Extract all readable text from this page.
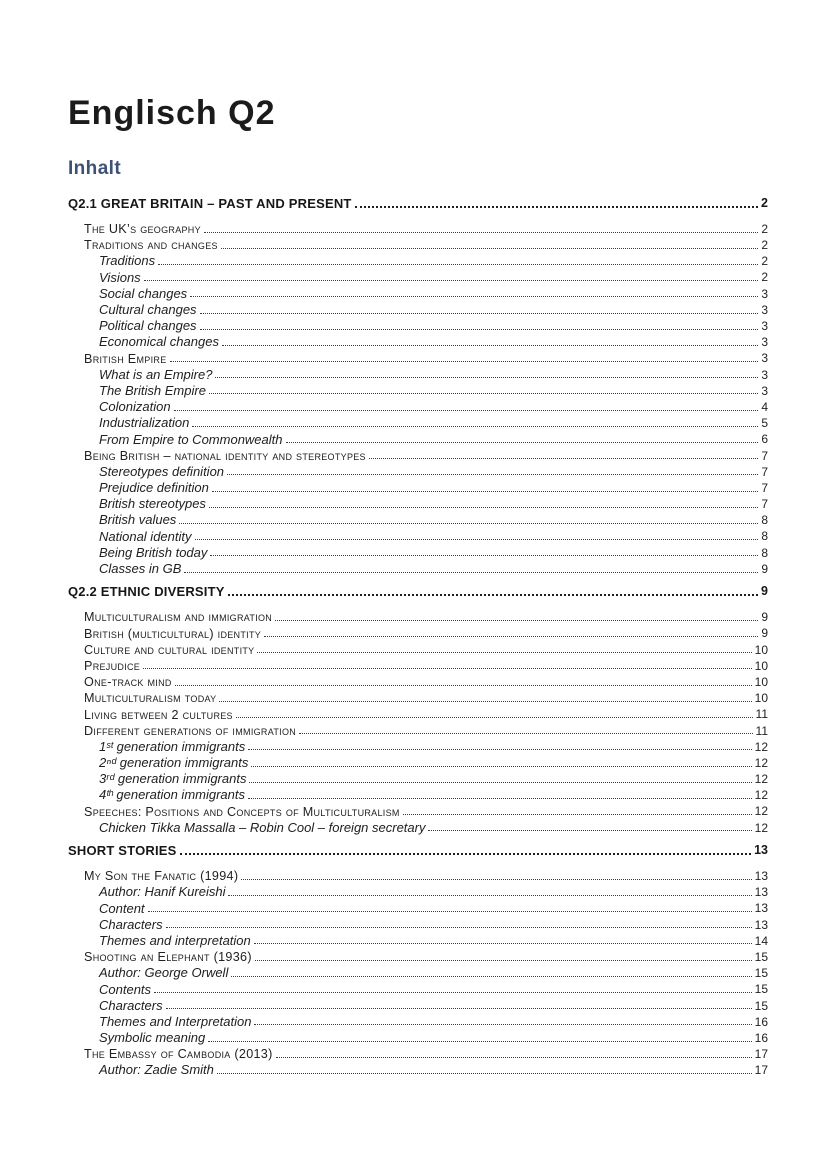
Englisch Q2
Inhalt
Q2.1 GREAT BRITAIN – PAST AND PRESENT	2
The UK’s geography	2
Traditions and changes	2
Traditions	2
Visions	2
Social changes	3
Cultural changes	3
Political changes	3
Economical changes	3
British Empire	3
What is an Empire?	3
The British Empire	3
Colonization	4
Industrialization	5
From Empire to Commonwealth	6
Being British – national identity and stereotypes	7
Stereotypes definition	7
Prejudice definition	7
British stereotypes	7
British values	8
National identity	8
Being British today	8
Classes in GB	9
Q2.2 ETHNIC DIVERSITY	9
Multiculturalism and immigration	9
British (multicultural) identity	9
Culture and cultural identity	10
Prejudice	10
One-track mind	10
Multiculturalism today	10
Living between 2 cultures	11
Different generations of immigration	11
1ˢᵗ generation immigrants	12
2ⁿᵈ generation immigrants	12
3ʳᵈ generation immigrants	12
4ᵗʰ generation immigrants	12
Speeches: Positions and Concepts of Multiculturalism	12
Chicken Tikka Massalla – Robin Cool – foreign secretary	12
SHORT STORIES	13
My Son the Fanatic (1994)	13
Author: Hanif Kureishi	13
Content	13
Characters	13
Themes and interpretation	14
Shooting an Elephant (1936)	15
Author: George Orwell	15
Contents	15
Characters	15
Themes and Interpretation	16
Symbolic meaning	16
The Embassy of Cambodia (2013)	17
Author: Zadie Smith	17
